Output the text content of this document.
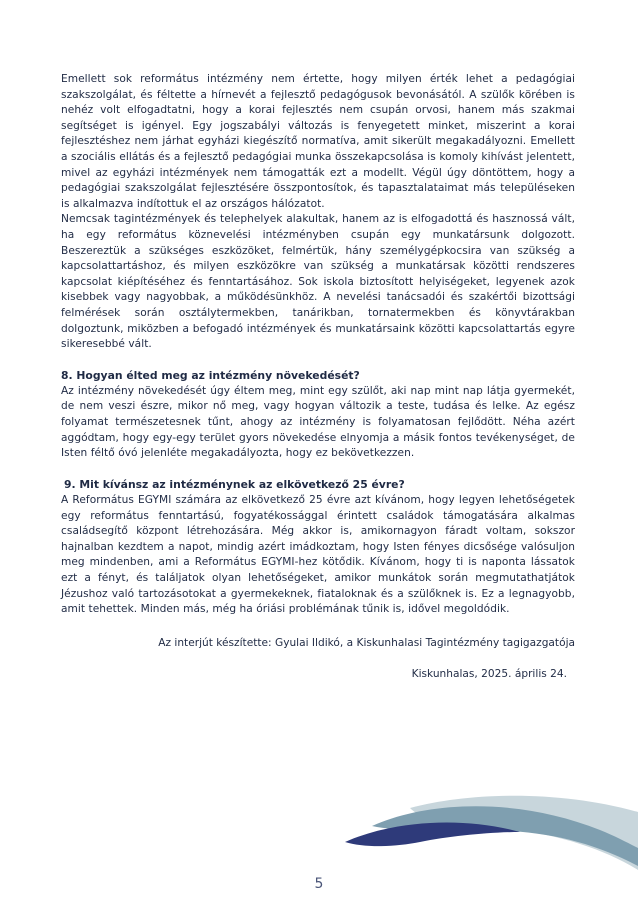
Emellett sok református intézmény nem értette, hogy milyen érték lehet a pedagógiai szakszolgálat, és féltette a hírnevét a fejlesztő pedagógusok bevonásától. A szülők körében is nehéz volt elfogadtatni, hogy a korai fejlesztés nem csupán orvosi, hanem más szakmai segítséget is igényel. Egy jogszabályi változás is fenyegetett minket, miszerint a korai fejlesztéshez nem járhat egyházi kiegészítő normatíva, amit sikerült megakadályozni. Emellett a szociális ellátás és a fejlesztő pedagógiai munka összekapcsolása is komoly kihívást jelentett, mivel az egyházi intézmények nem támogatták ezt a modellt. Végül úgy döntöttem, hogy a pedagógiai szakszolgálat fejlesztésére összpontosítok, és tapasztalataimat más településeken is alkalmazva indítottuk el az országos hálózatot.

Nemcsak tagintézmények és telephelyek alakultak, hanem az is elfogadottá és hasznossá vált, ha egy református köznevelési intézményben csupán egy munkatársunk dolgozott. Beszereztük a szükséges eszközöket, felmértük, hány személygépkocsira van szükség a kapcsolattartáshoz, és milyen eszközökre van szükség a munkatársak közötti rendszeres kapcsolat kiépítéséhez és fenntartásához. Sok iskola biztosított helyiségeket, legyenek azok kisebbek vagy nagyobbak, a működésünkhöz. A nevelési tanácsadói és szakértői bizottsági felmérések során osztálytermekben, tanárikban, tornatermekben és könyvtárakban dolgoztunk, miközben a befogadó intézmények és munkatársaink közötti kapcsolattartás egyre sikeresebbé vált.

8. Hogyan élted meg az intézmény növekedését?

Az intézmény növekedését úgy éltem meg, mint egy szülőt, aki nap mint nap látja gyermekét, de nem veszi észre, mikor nő meg, vagy hogyan változik a teste, tudása és lelke. Az egész folyamat természetesnek tűnt, ahogy az intézmény is folyamatosan fejlődött. Néha azért aggódtam, hogy egy-egy terület gyors növekedése elnyomja a másik fontos tevékenységet, de Isten féltő óvó jelenléte megakadályozta, hogy ez bekövetkezzen.

9. Mit kívánsz az intézménynek az elkövetkező 25 évre?

A Református EGYMI számára az elkövetkező 25 évre azt kívánom, hogy legyen lehetőségetek egy református fenntartású, fogyatékossággal érintett családok támogatására alkalmas családsegítő központ létrehozására. Még akkor is, amikornagyon fáradt voltam, sokszor hajnalban kezdtem a napot, mindig azért imádkoztam, hogy Isten fényes dicsősége valósuljon meg mindenben, ami a Református EGYMI-hez kötődik. Kívánom, hogy ti is naponta lássatok ezt a fényt, és találjatok olyan lehetőségeket, amikor munkátok során megmutathatjátok Jézushoz való tartozásotokat a gyermekeknek, fiataloknak és a szülőknek is. Ez a legnagyobb, amit tehettek. Minden más, még ha óriási problémának tűnik is, idővel megoldódik.

Az interjút készítette: Gyulai Ildikó, a Kiskunhalasi Tagintézmény tagigazgatója
Kiskunhalas, 2025. április 24.
5
